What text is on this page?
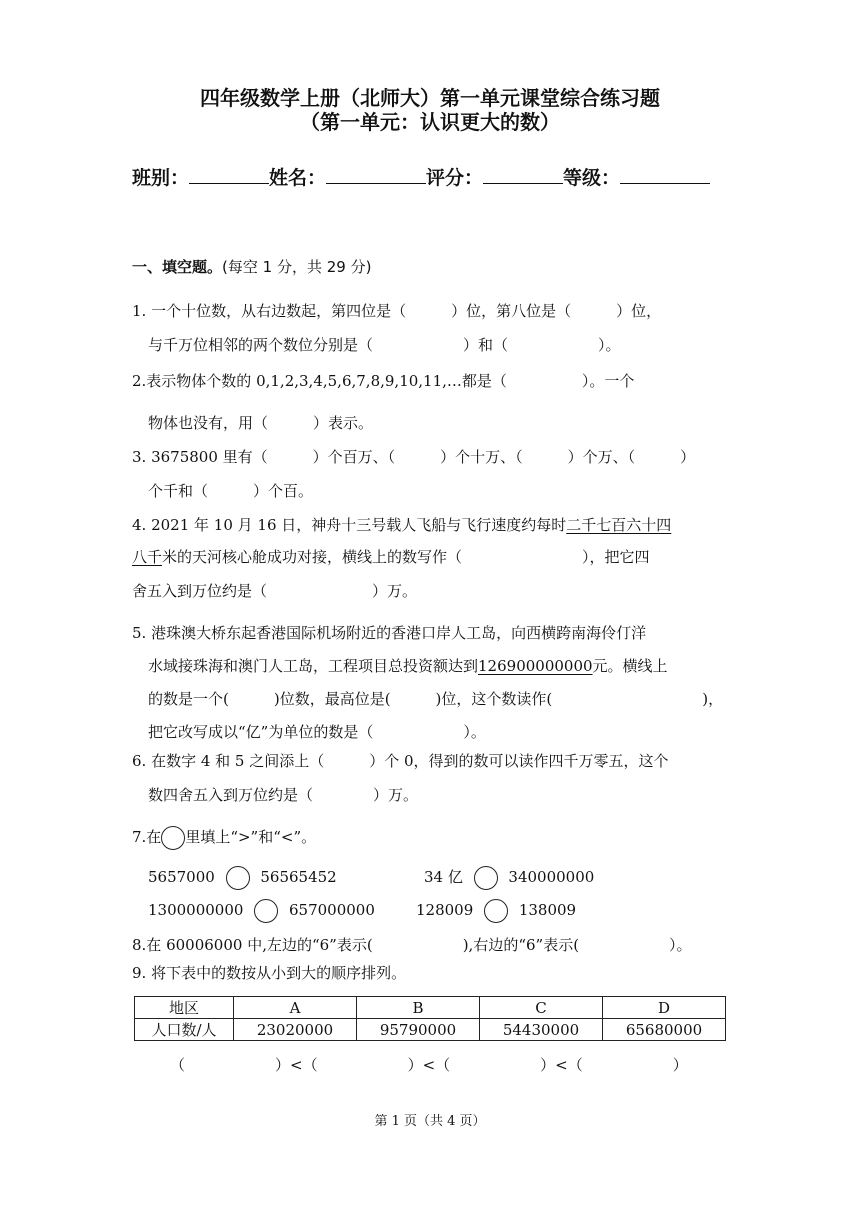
四年级数学上册（北师大）第一单元课堂综合练习题
（第一单元：认识更大的数）
班别：	姓名：	评分：	等级：
一、填空题。(每空 1 分，共 29 分)
1. 一个十位数，从右边数起，第四位是（　　　）位，第八位是（　　　）位，
与千万位相邻的两个数位分别是（　　　　　　）和（　　　　　　）。
2.表示物体个数的 0,1,2,3,4,5,6,7,8,9,10,11,…都是（　　　　　）。一个
物体也没有，用（　　　）表示。
3. 3675800 里有（　　　）个百万、（　　　）个十万、（　　　）个万、（　　　）
个千和（　　　）个百。
4. 2021 年 10 月 16 日，神舟十三号载人飞船与飞行速度约每时二千七百六十四
八千米的天河核心舱成功对接，横线上的数写作（　　　　　　　　），把它四
舍五入到万位约是（　　　　　　　）万。
5. 港珠澳大桥东起香港国际机场附近的香港口岸人工岛，向西横跨南海伶仃洋
水域接珠海和澳门人工岛，工程项目总投资额达到126900000000元。横线上
的数是一个(　　　)位数，最高位是(　　　)位，这个数读作(　　　　　　　　　　)，
把它改写成以“亿”为单位的数是（　　　　　　）。
6. 在数字 4 和 5 之间添上（　　　）个 0，得到的数可以读作四千万零五，这个
数四舍五入到万位约是（　　　　）万。
7.在 里填上“>”和“<”。
5657000	56565452	34 亿	340000000
1300000000	657000000	128009	138009
8.在 60006000 中,左边的“6”表示(　　　　　　),右边的“6”表示(　　　　　　）。
9. 将下表中的数按从小到大的顺序排列。
地区	A	B	C	D
人口数/人	23020000	95790000	54430000	65680000
（　　　　　　）<（　　　　　　）<（　　　　　　）<（　　　　　　）
第 1 页（共 4 页）
